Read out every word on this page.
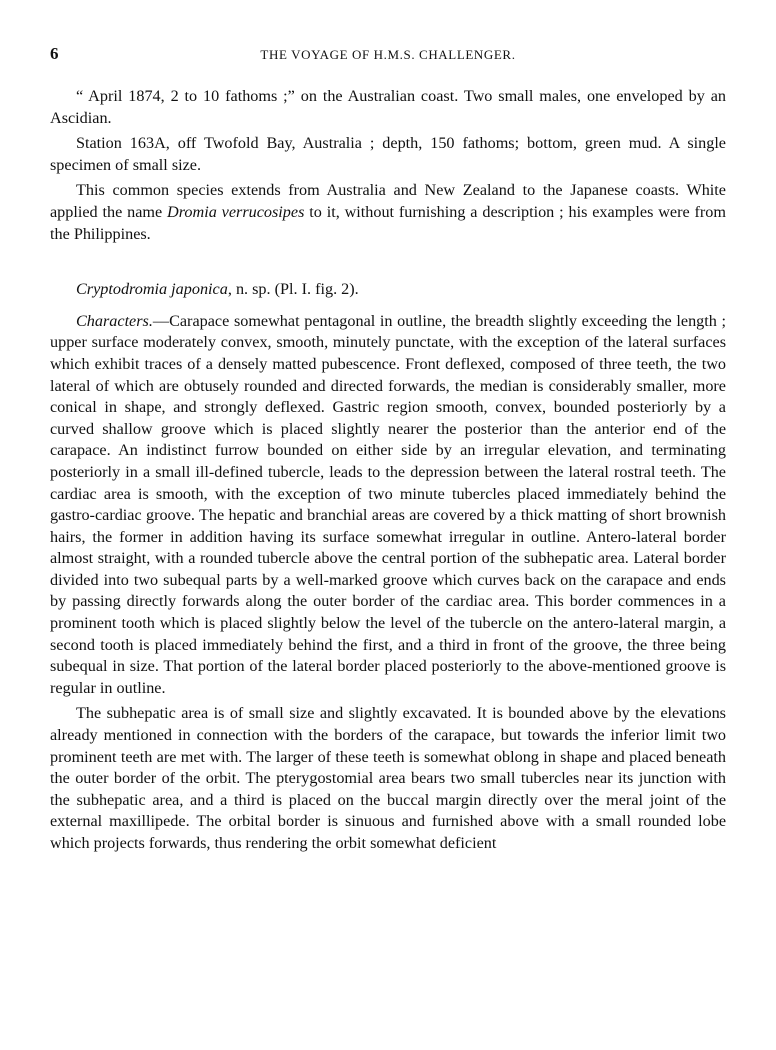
6	THE VOYAGE OF H.M.S. CHALLENGER.

“ April 1874, 2 to 10 fathoms ;” on the Australian coast. Two small males, one enveloped by an Ascidian.

Station 163A, off Twofold Bay, Australia ; depth, 150 fathoms; bottom, green mud. A single specimen of small size.

This common species extends from Australia and New Zealand to the Japanese coasts. White applied the name Dromia verrucosipes to it, without furnishing a description ; his examples were from the Philippines.

Cryptodromia japonica, n. sp. (Pl. I. fig. 2).

Characters.—Carapace somewhat pentagonal in outline, the breadth slightly exceeding the length ; upper surface moderately convex, smooth, minutely punctate, with the exception of the lateral surfaces which exhibit traces of a densely matted pubescence. Front deflexed, composed of three teeth, the two lateral of which are obtusely rounded and directed forwards, the median is considerably smaller, more conical in shape, and strongly deflexed. Gastric region smooth, convex, bounded posteriorly by a curved shallow groove which is placed slightly nearer the posterior than the anterior end of the carapace. An indistinct furrow bounded on either side by an irregular elevation, and terminating posteriorly in a small ill-defined tubercle, leads to the depression between the lateral rostral teeth. The cardiac area is smooth, with the exception of two minute tubercles placed immediately behind the gastro-cardiac groove. The hepatic and branchial areas are covered by a thick matting of short brownish hairs, the former in addition having its surface somewhat irregular in outline. Antero-lateral border almost straight, with a rounded tubercle above the central portion of the subhepatic area. Lateral border divided into two subequal parts by a well-marked groove which curves back on the carapace and ends by passing directly forwards along the outer border of the cardiac area. This border commences in a prominent tooth which is placed slightly below the level of the tubercle on the antero-lateral margin, a second tooth is placed immediately behind the first, and a third in front of the groove, the three being subequal in size. That portion of the lateral border placed posteriorly to the above-mentioned groove is regular in outline.

The subhepatic area is of small size and slightly excavated. It is bounded above by the elevations already mentioned in connection with the borders of the carapace, but towards the inferior limit two prominent teeth are met with. The larger of these teeth is somewhat oblong in shape and placed beneath the outer border of the orbit. The pterygostomial area bears two small tubercles near its junction with the subhepatic area, and a third is placed on the buccal margin directly over the meral joint of the external maxillipede. The orbital border is sinuous and furnished above with a small rounded lobe which projects forwards, thus rendering the orbit somewhat deficient
